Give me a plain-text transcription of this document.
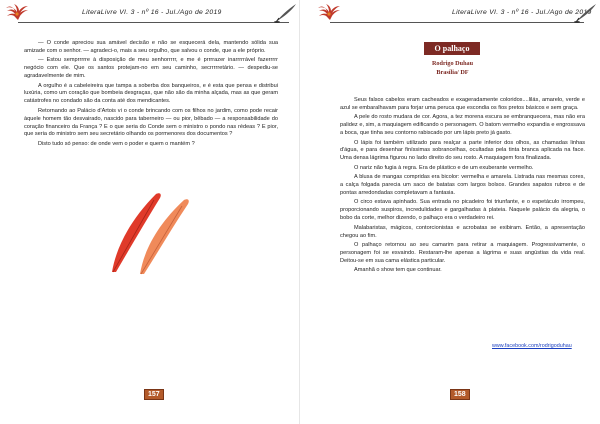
LiteraLivre VI. 3 - nº 16 - Jul./Ago de 2019

— O conde apreciou sua amável decisão e não se esquecerá dela, mantendo sólida sua amizade com o senhor. — agradeci-o, mais a seu orgulho, que salvou o conde, que a ele próprio.

— Estou semprrrrre à disposição de meu senhorrrrr, e me é prrrrazer inarrrrrável fazerrrrr negócio com ele. Que os santos protejam-no em seu caminho, secrrrrretário. — despediu-se agradavelmente de mim.

A orgulho é a cabeleireira que tampa a soberba dos banqueiros, e é esta que pensa e distribui luxúria, como um coração que bombeia desgraças, que não são da minha alçada, mas as que geram catástrofes no condado são da conta até dos mendicantes.

Retornando ao Palácio d'Artois vi o conde brincando com os filhos no jardim, como pode recair àquele homem tão desvairado, nascido para taberneiro — ou pior, bêbado — a responsabilidade do coração financeiro da França ? E o que seria do Conde sem o ministro o pondo nas rédeas ? E pior, que seria do ministro sem seu secretário olhando os pormenores dos documentos ?

Disto tudo só penso: de onde vem o poder e quem o mantém ?

157
LiteraLivre VI. 3 - nº 16 - Jul./Ago de 2019
O palhaço
Rodrigo Duhau
Brasília/ DF

Seus falsos cabelos eram cacheados e exageradamente coloridos....lilás, amarelo, verde e azul se embaralhavam para forjar uma peruca que escondia os fios pretos básicos e sem graça.

A pele do rosto mudara de cor. Agora, a tez morena escura se embranquecera, mas não era palidez e, sim, a maquiagem edificando o personagem. O batom vermelho expandia e engrossava a boca, que tinha seu contorno rabiscado por um lápis preto já gasto.

O lápis foi também utilizado para realçar a parte inferior dos olhos, as chamadas linhas d'água, e para desenhar finíssimas sobrancelhas, ocultadas pela tinta branca aplicada na face. Uma densa lágrima figurou no lado direito do seu rosto. A maquiagem fora finalizada.

O nariz não fugia à regra. Era de plástico e de um exuberante vermelho.

A blusa de mangas compridas era bicolor: vermelha e amarela. Listrada nas mesmas cores, a calça folgada parecia um saco de batatas com largos bolsos. Grandes sapatos rubros e de pontas arredondadas completavam a fantasia.

O circo estava apinhado. Sua entrada no picadeiro foi triunfante, e o espetáculo irrompeu, proporcionando suspiros, incredulidades e gargalhadas à plateia. Naquele palácio da alegria, o bobo da corte, melhor dizendo, o palhaço era o verdadeiro rei.

Malabaristas, mágicos, contorcionistas e acrobatas se exibiram. Então, a apresentação chegou ao fim.

O palhaço retornou ao seu camarim para retirar a maquiagem. Progressivamente, o personagem foi se esvaindo. Restaram-lhe apenas a lágrima e suas angústias da vida real. Deitou-se em sua cama elástica particular.

Amanhã o show tem que continuar.

www.facebook.com/rodrigoduhau
158
